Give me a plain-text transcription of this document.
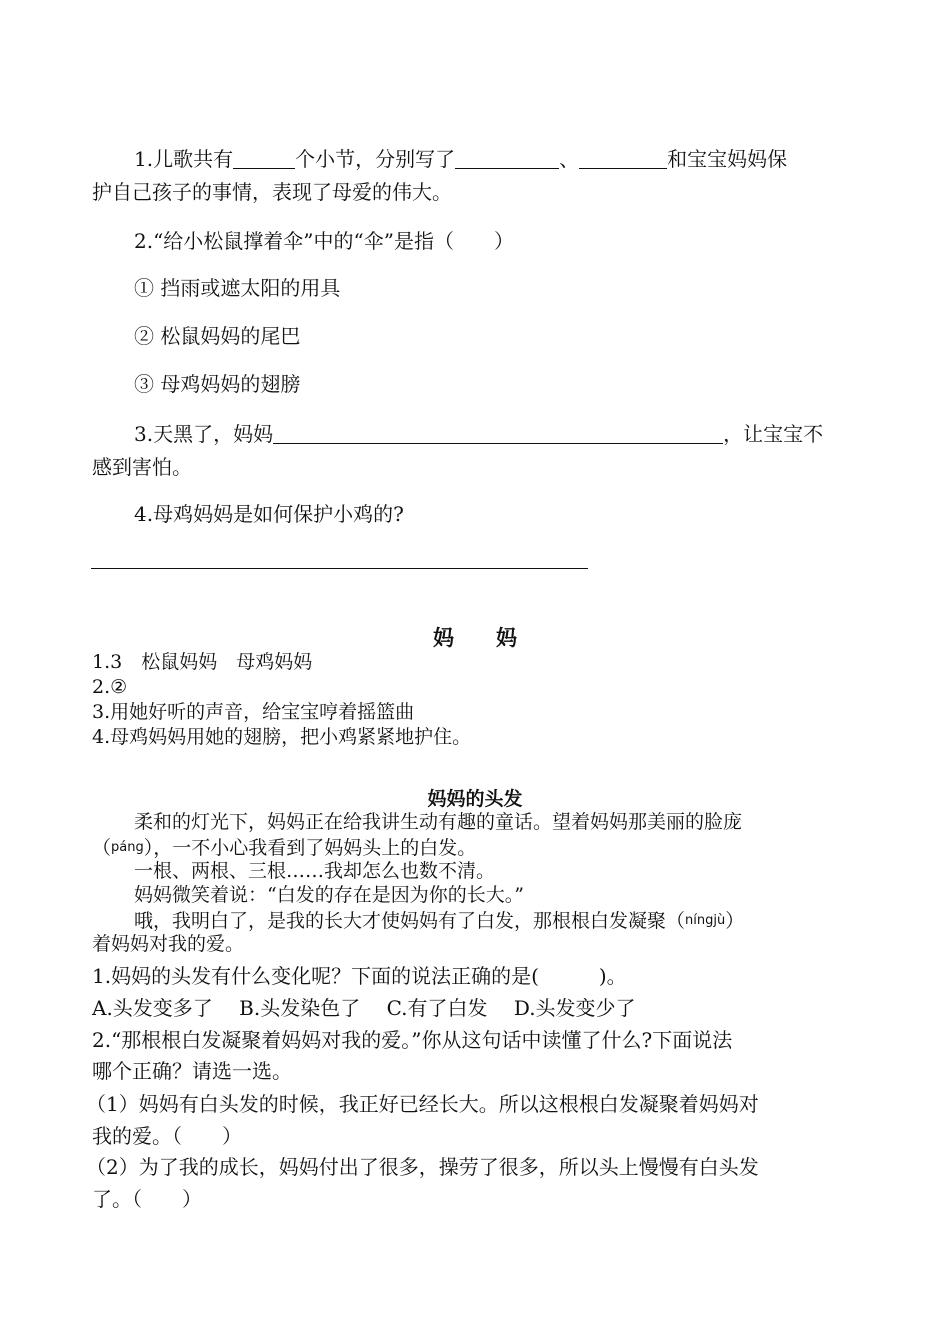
1.儿歌共有	个小节，分别写了	、	和宝宝妈妈保
护自己孩子的事情，表现了母爱的伟大。
2.“给小松鼠撑着伞”中的“伞”是指（　　）
① 挡雨或遮太阳的用具
② 松鼠妈妈的尾巴
③ 母鸡妈妈的翅膀
3.天黑了，妈妈	，让宝宝不
感到害怕。
4.母鸡妈妈是如何保护小鸡的?
妈　　妈
1.3　松鼠妈妈　母鸡妈妈
2.②
3.用她好听的声音，给宝宝哼着摇篮曲
4.母鸡妈妈用她的翅膀，把小鸡紧紧地护住。
妈妈的头发
柔和的灯光下，妈妈正在给我讲生动有趣的童话。望着妈妈那美丽的脸庞
（páng），一不小心我看到了妈妈头上的白发。
一根、两根、三根……我却怎么也数不清。
妈妈微笑着说：“白发的存在是因为你的长大。”
哦，我明白了，是我的长大才使妈妈有了白发，那根根白发凝聚（níngjù）
着妈妈对我的爱。
1.妈妈的头发有什么变化呢？下面的说法正确的是(　　　)。
A.头发变多了　 B.头发染色了　 C.有了白发　 D.头发变少了
2.“那根根白发凝聚着妈妈对我的爱。”你从这句话中读懂了什么?下面说法
哪个正确？请选一选。
（1）妈妈有白头发的时候，我正好已经长大。所以这根根白发凝聚着妈妈对
我的爱。（　　）
（2）为了我的成长，妈妈付出了很多，操劳了很多，所以头上慢慢有白头发
了。（　　）
